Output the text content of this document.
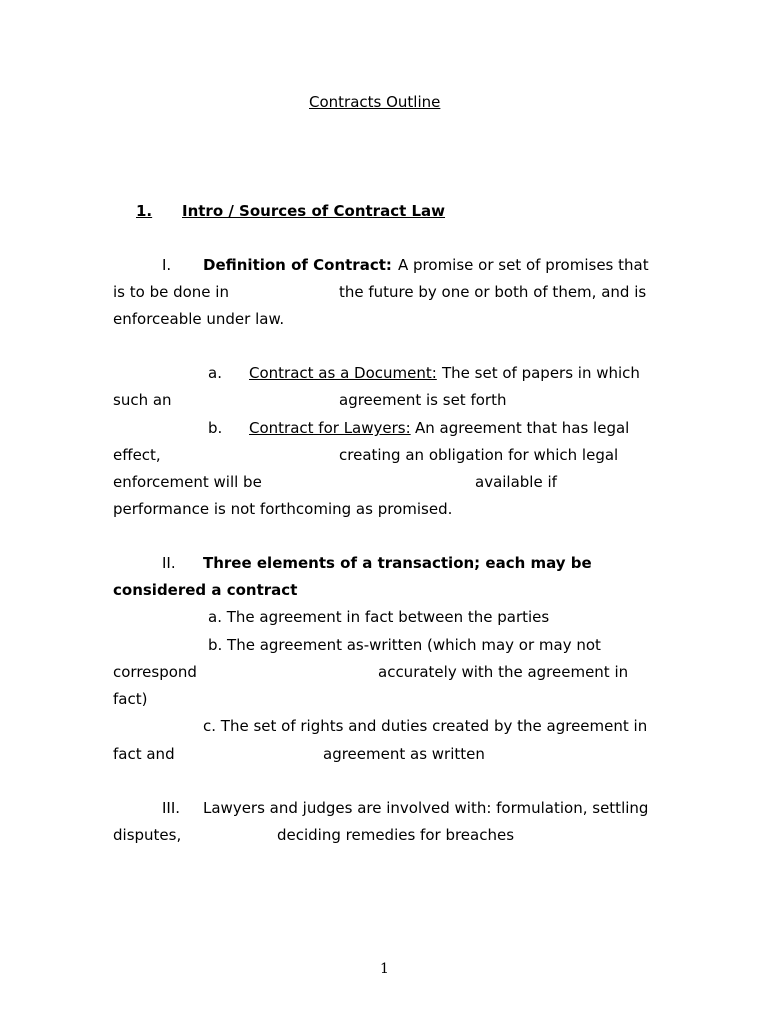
Contracts Outline
1. Intro / Sources of Contract Law
I. Definition of Contract: A promise or set of promises that
is to be done in	the future by one or both of them, and is
enforceable under law.
a. Contract as a Document: The set of papers in which
such an	agreement is set forth
b. Contract for Lawyers: An agreement that has legal
effect,	creating an obligation for which legal
enforcement will be	available if
performance is not forthcoming as promised.
II. Three elements of a transaction; each may be
considered a contract
a. The agreement in fact between the parties
b. The agreement as-written (which may or may not
correspond	accurately with the agreement in
fact)
c. The set of rights and duties created by the agreement in
fact and	agreement as written
III. Lawyers and judges are involved with: formulation, settling
disputes,	deciding remedies for breaches
1
